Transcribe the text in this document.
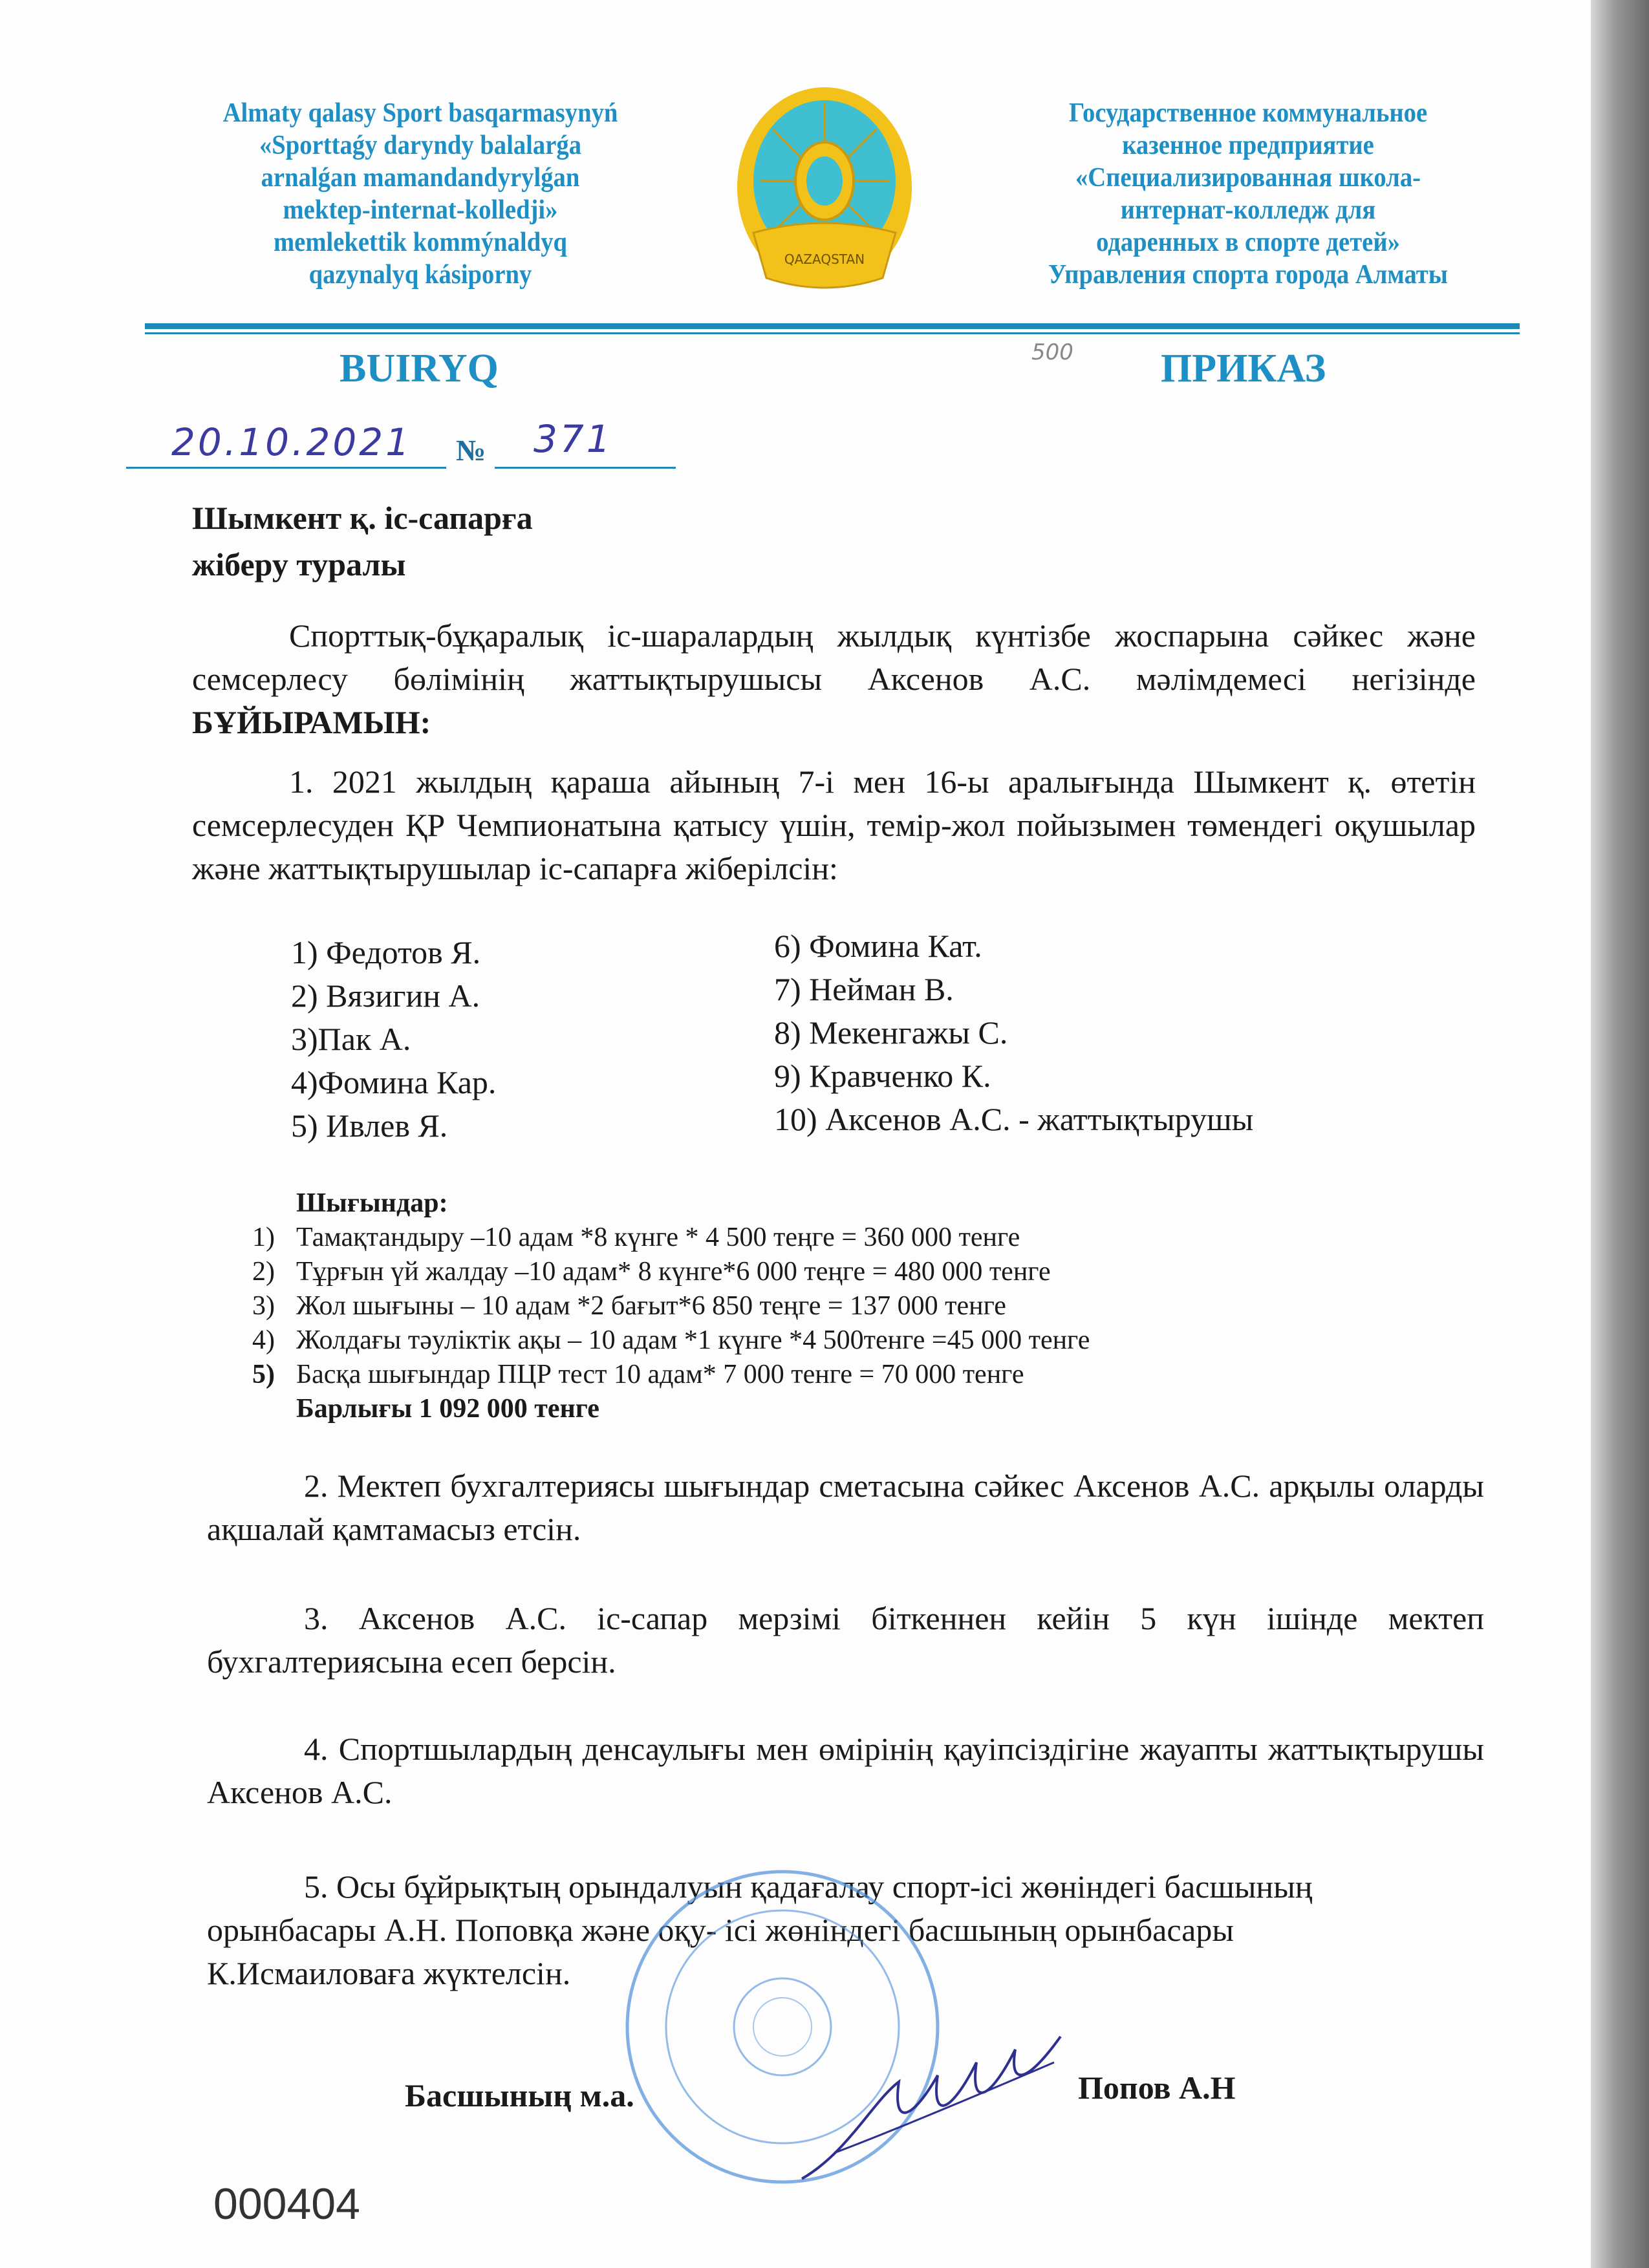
Almaty qalasy Sport basqarmasynyń
«Sporttaǵy daryndy balalarǵa
arnalǵan mamandandyrylǵan
mektep-internat-kolledji»
memlekettik kommýnaldyq
qazynalyq kásiporny
QAZAQSTAN
Государственное коммунальное
казенное предприятие
«Специализированная школа-
интернат-колледж для
одаренных в спорте детей»
Управления спорта города Алматы
BUIRYQ	500 ПРИКАЗ
20.10.2021 № 371
Шымкент қ. іс-сапарға
жіберу туралы
Спорттық-бұқаралық іс-шаралардың жылдық күнтізбе жоспарына сәйкес және семсерлесу бөлімінің жаттықтырушысы Аксенов А.С. мәлімдемесі негізінде БҰЙЫРАМЫН:
1. 2021 жылдың қараша айының 7-і мен 16-ы аралығында Шымкент қ. өтетін семсерлесуден ҚР Чемпионатына қатысу үшін, темір-жол пойызымен төмендегі оқушылар және жаттықтырушылар іс-сапарға жіберілсін:
1) Федотов Я.
2) Вязигин А.
3)Пак А.
4)Фомина Кар.
5) Ивлев Я.
6) Фомина Кат.
7) Нейман В.
8) Мекенгажы С.
9) Кравченко К.
10) Аксенов А.С. - жаттықтырушы
Шығындар:
1) Тамақтандыру –10 адам *8 күнге * 4 500 теңге = 360 000 тенге
2) Тұрғын үй жалдау –10 адам* 8 күнге*6 000 теңге = 480 000 тенге
3) Жол шығыны – 10 адам *2 бағыт*6 850 теңге = 137 000 тенге
4) Жолдағы тәуліктік ақы – 10 адам *1 күнге *4 500тенге =45 000 тенге
5) Басқа шығындар ПЦР тест 10 адам* 7 000 тенге = 70 000 тенге
Барлығы 1 092 000 тенге
2. Мектеп бухгалтериясы шығындар сметасына сәйкес Аксенов А.С. арқылы оларды ақшалай қамтамасыз етсін.
3. Аксенов А.С. іс-сапар мерзімі біткеннен кейін 5 күн ішінде мектеп бухгалтериясына есеп берсін.
4. Спортшылардың денсаулығы мен өмірінің қауіпсіздігіне жауапты жаттықтырушы Аксенов А.С.
5. Осы бұйрықтың орындалуын қадағалау спорт-ісі жөніндегі басшының орынбасары А.Н. Поповқа және оқу- ісі жөніндегі басшының орынбасары К.Исмаиловаға жүктелсін.
Басшының м.а.	Попов А.Н
000404
